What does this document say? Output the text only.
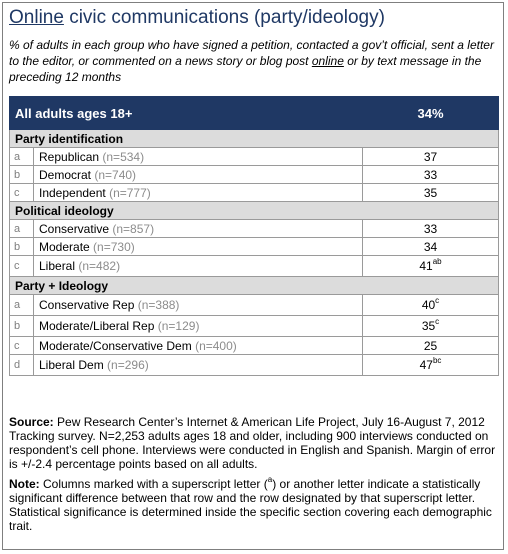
Online civic communications (party/ideology)
% of adults in each group who have signed a petition, contacted a gov’t official, sent a letter to the editor, or commented on a news story or blog post online or by text message in the preceding 12 months
All adults ages 18+		34%
Party identification		
a	Republican (n=534)	37
b	Democrat (n=740)	33
c	Independent (n=777)	35
Political ideology		
a	Conservative (n=857)	33
b	Moderate (n=730)	34
c	Liberal (n=482)	$41^{ab}$
Party + Ideology		
a	Conservative Rep (n=388)	40$^c$
b	Moderate/Liberal Rep (n=129)	35$^c$
c	Moderate/Conservative Dem (n=400)	25
d	Liberal Dem (n=296)	$47^{bc}$

Source: Pew Research Center’s Internet & American Life Project, July 16-August 7, 2012 Tracking survey. N=2,253 adults ages 18 and older, including 900 interviews conducted on respondent’s cell phone. Interviews were conducted in English and Spanish. Margin of error is +/-2.4 percentage points based on all adults.

Note: Columns marked with a superscript letter ($^a$) or another letter indicate a statistically significant difference between that row and the row designated by that superscript letter. Statistical significance is determined inside the specific section covering each demographic trait.
